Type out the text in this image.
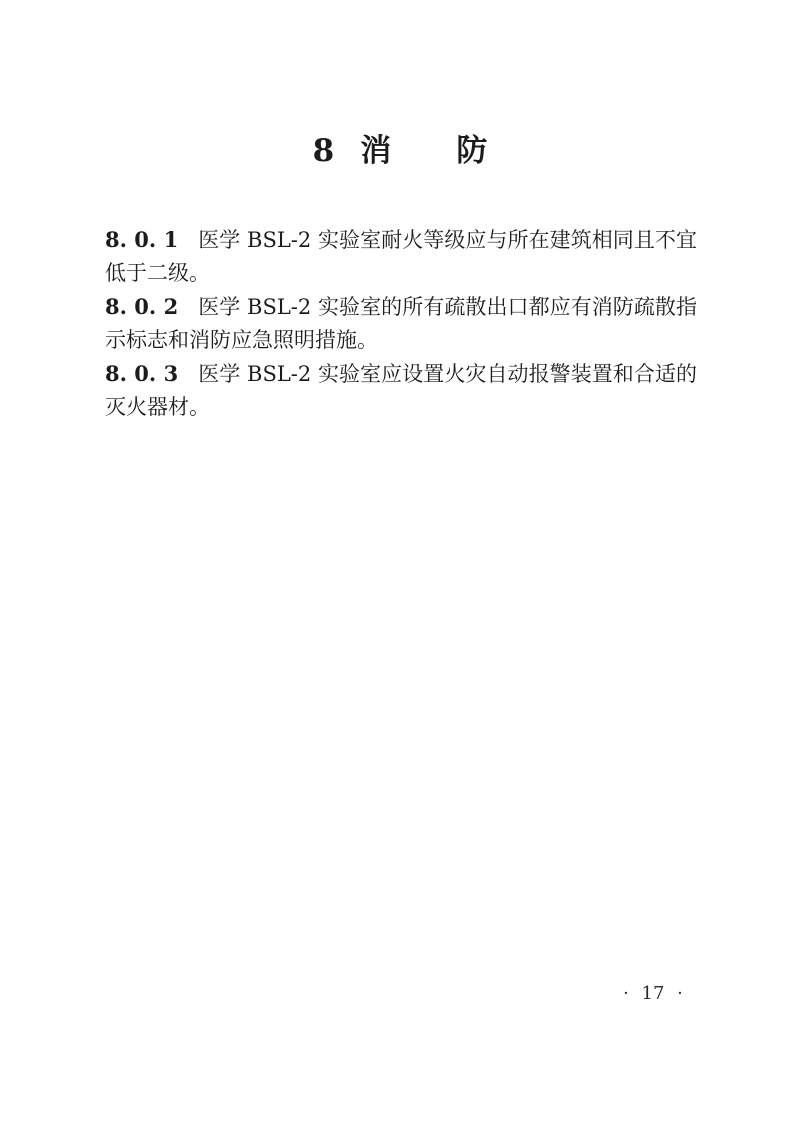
8 消防

8. 0. 1 医学 BSL-2 实验室耐火等级应与所在建筑相同且不宜低于二级。

8. 0. 2 医学 BSL-2 实验室的所有疏散出口都应有消防疏散指示标志和消防应急照明措施。

8. 0. 3 医学 BSL-2 实验室应设置火灾自动报警装置和合适的灭火器材。

· 17 ·
